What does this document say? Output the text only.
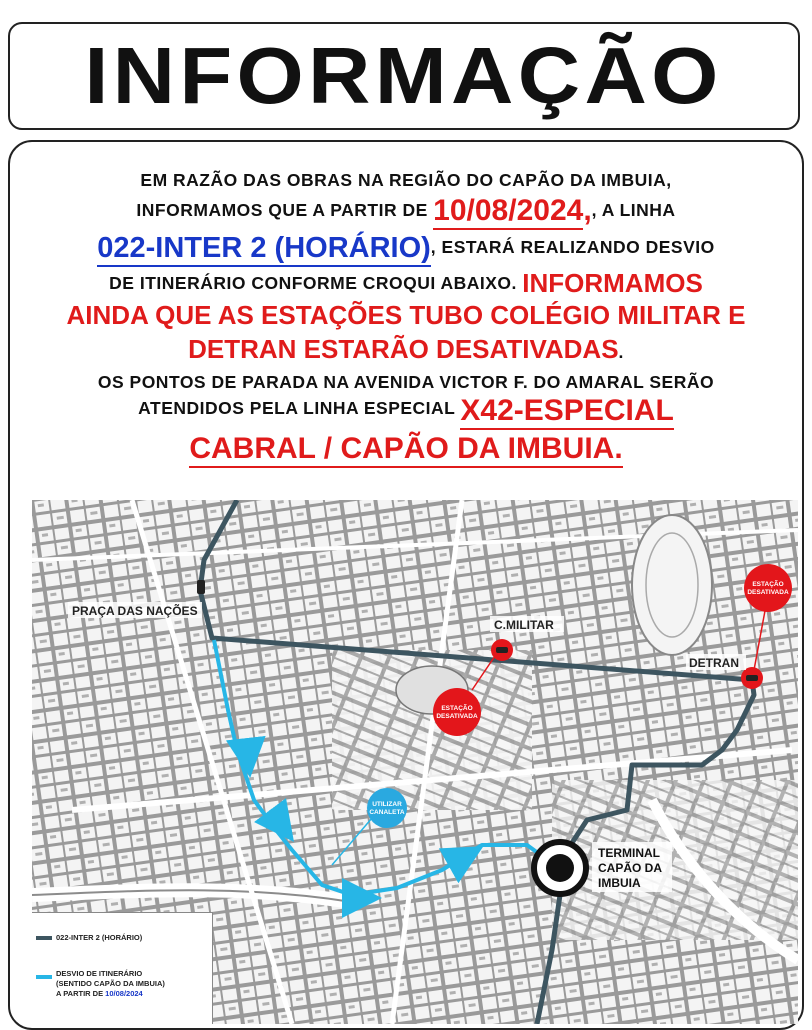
INFORMAÇÃO
EM RAZÃO DAS OBRAS NA REGIÃO DO CAPÃO DA IMBUIA,
INFORMAMOS QUE A PARTIR DE 10/08/2024,, A LINHA
022-INTER 2 (HORÁRIO), ESTARÁ REALIZANDO DESVIO
DE ITINERÁRIO CONFORME CROQUI ABAIXO. INFORMAMOS
AINDA QUE AS ESTAÇÕES TUBO COLÉGIO MILITAR E
DETRAN ESTARÃO DESATIVADAS.
OS PONTOS DE PARADA NA AVENIDA VICTOR F. DO AMARAL SERÃO
ATENDIDOS PELA LINHA ESPECIAL X42-ESPECIAL
CABRAL / CAPÃO DA IMBUIA.
ESTAÇÃO
DESATIVADA
ESTAÇÃO
DESATIVADA
UTILIZAR
CANALETA
PRAÇA DAS NAÇÕES
C.MILITAR
DETRAN
TERMINAL
CAPÃO DA
IMBUIA
022-INTER 2 (HORÁRIO)
DESVIO DE ITINERÁRIO
(SENTIDO CAPÃO DA IMBUIA)
A PARTIR DE 10/08/2024
